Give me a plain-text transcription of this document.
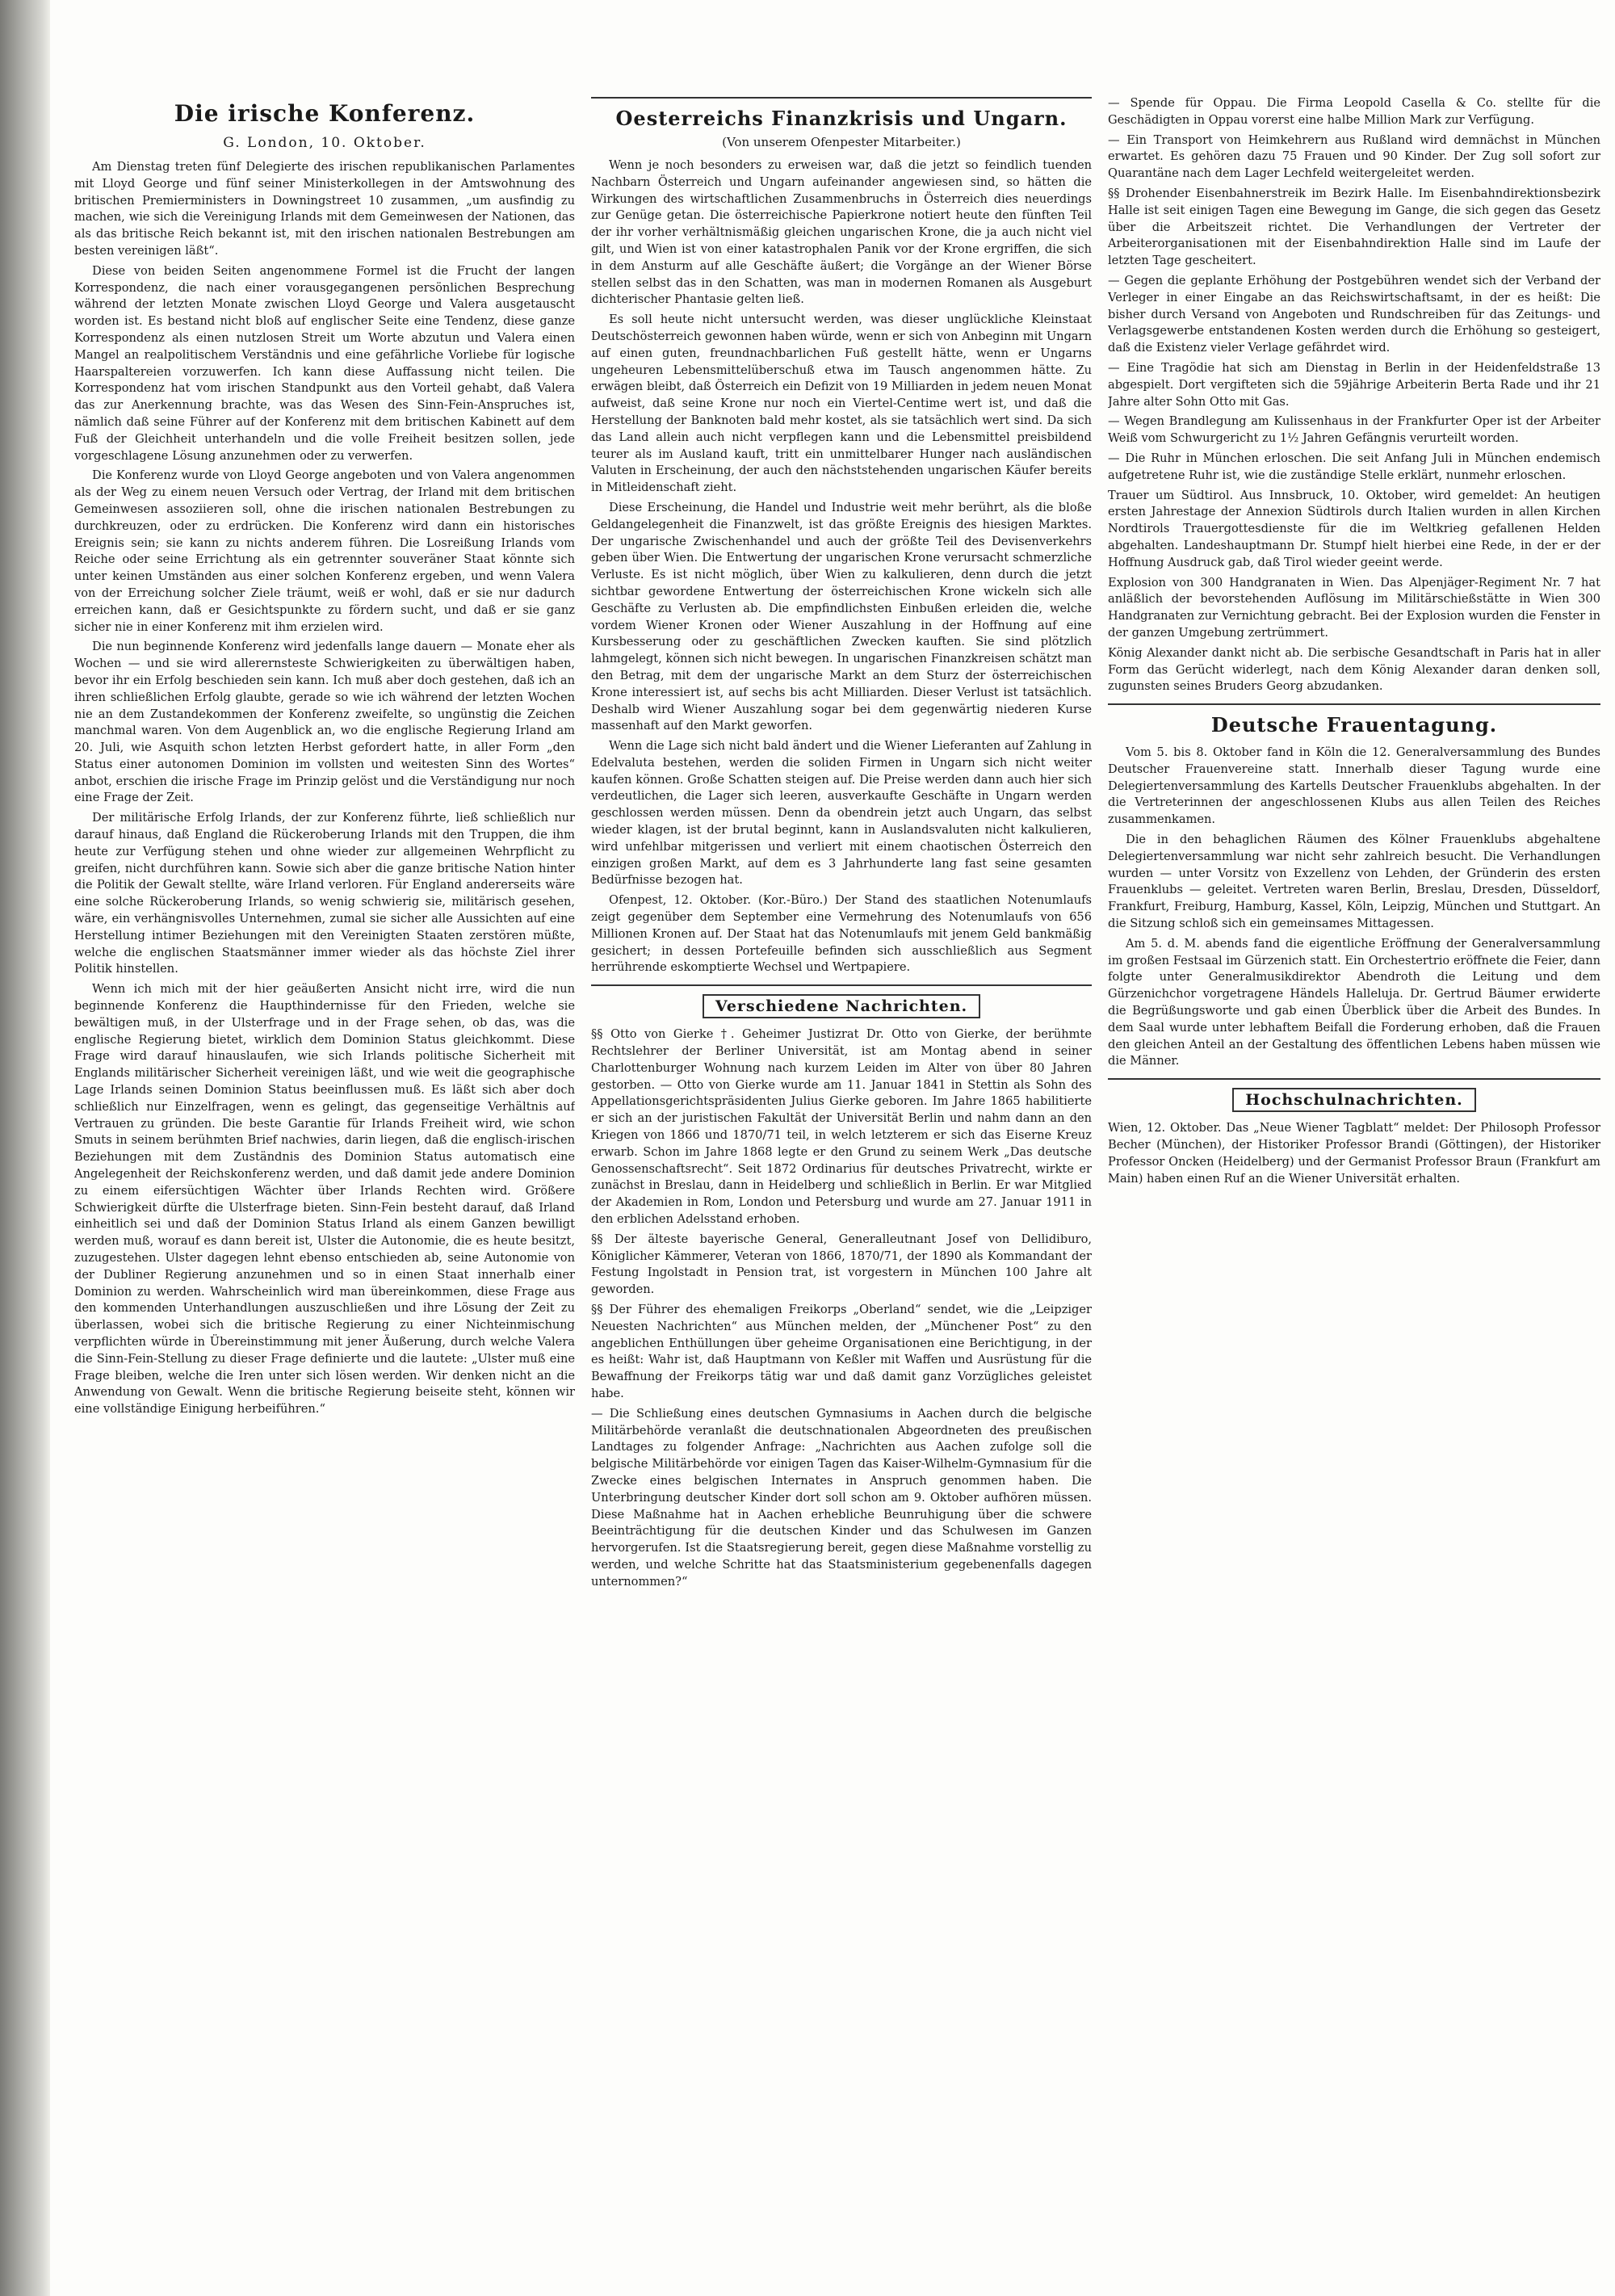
Die irische Konferenz.
G. London, 10. Oktober.

Am Dienstag treten fünf Delegierte des irischen republikanischen Parlamentes mit Lloyd George und fünf seiner Ministerkollegen in der Amtswohnung des britischen Premierministers in Downingstreet 10 zusammen, „um ausfindig zu machen, wie sich die Vereinigung Irlands mit dem Gemeinwesen der Nationen, das als das britische Reich bekannt ist, mit den irischen nationalen Bestrebungen am besten vereinigen läßt“.

Diese von beiden Seiten angenommene Formel ist die Frucht der langen Korrespondenz, die nach einer vorausgegangenen persönlichen Besprechung während der letzten Monate zwischen Lloyd George und Valera ausgetauscht worden ist. Es bestand nicht bloß auf englischer Seite eine Tendenz, diese ganze Korrespondenz als einen nutzlosen Streit um Worte abzutun und Valera einen Mangel an realpolitischem Verständnis und eine gefährliche Vorliebe für logische Haarspaltereien vorzuwerfen. Ich kann diese Auffassung nicht teilen. Die Korrespondenz hat vom irischen Standpunkt aus den Vorteil gehabt, daß Valera das zur Anerkennung brachte, was das Wesen des Sinn-Fein-Anspruches ist, nämlich daß seine Führer auf der Konferenz mit dem britischen Kabinett auf dem Fuß der Gleichheit unterhandeln und die volle Freiheit besitzen sollen, jede vorgeschlagene Lösung anzunehmen oder zu verwerfen.

Die Konferenz wurde von Lloyd George angeboten und von Valera angenommen als der Weg zu einem neuen Versuch oder Vertrag, der Irland mit dem britischen Gemeinwesen assoziieren soll, ohne die irischen nationalen Bestrebungen zu durchkreuzen, oder zu erdrücken. Die Konferenz wird dann ein historisches Ereignis sein; sie kann zu nichts anderem führen. Die Losreißung Irlands vom Reiche oder seine Errichtung als ein getrennter souveräner Staat könnte sich unter keinen Umständen aus einer solchen Konferenz ergeben, und wenn Valera von der Erreichung solcher Ziele träumt, weiß er wohl, daß er sie nur dadurch erreichen kann, daß er Gesichtspunkte zu fördern sucht, und daß er sie ganz sicher nie in einer Konferenz mit ihm erzielen wird.

Die nun beginnende Konferenz wird jedenfalls lange dauern — Monate eher als Wochen — und sie wird allerernsteste Schwierigkeiten zu überwältigen haben, bevor ihr ein Erfolg beschieden sein kann. Ich muß aber doch gestehen, daß ich an ihren schließlichen Erfolg glaubte, gerade so wie ich während der letzten Wochen nie an dem Zustandekommen der Konferenz zweifelte, so ungünstig die Zeichen manchmal waren. Von dem Augenblick an, wo die englische Regierung Irland am 20. Juli, wie Asquith schon letzten Herbst gefordert hatte, in aller Form „den Status einer autonomen Dominion im vollsten und weitesten Sinn des Wortes“ anbot, erschien die irische Frage im Prinzip gelöst und die Verständigung nur noch eine Frage der Zeit.

Der militärische Erfolg Irlands, der zur Konferenz führte, ließ schließlich nur darauf hinaus, daß England die Rückeroberung Irlands mit den Truppen, die ihm heute zur Verfügung stehen und ohne wieder zur allgemeinen Wehrpflicht zu greifen, nicht durchführen kann. Sowie sich aber die ganze britische Nation hinter die Politik der Gewalt stellte, wäre Irland verloren. Für England andererseits wäre eine solche Rückeroberung Irlands, so wenig schwierig sie, militärisch gesehen, wäre, ein verhängnisvolles Unternehmen, zumal sie sicher alle Aussichten auf eine Herstellung intimer Beziehungen mit den Vereinigten Staaten zerstören müßte, welche die englischen Staatsmänner immer wieder als das höchste Ziel ihrer Politik hinstellen.

Wenn ich mich mit der hier geäußerten Ansicht nicht irre, wird die nun beginnende Konferenz die Haupthindernisse für den Frieden, welche sie bewältigen muß, in der Ulsterfrage und in der Frage sehen, ob das, was die englische Regierung bietet, wirklich dem Dominion Status gleichkommt. Diese Frage wird darauf hinauslaufen, wie sich Irlands politische Sicherheit mit Englands militärischer Sicherheit vereinigen läßt, und wie weit die geographische Lage Irlands seinen Dominion Status beeinflussen muß. Es läßt sich aber doch schließlich nur Einzelfragen, wenn es gelingt, das gegenseitige Verhältnis auf Vertrauen zu gründen. Die beste Garantie für Irlands Freiheit wird, wie schon Smuts in seinem berühmten Brief nachwies, darin liegen, daß die englisch-irischen Beziehungen mit dem Zuständnis des Dominion Status automatisch eine Angelegenheit der Reichskonferenz werden, und daß damit jede andere Dominion zu einem eifersüchtigen Wächter über Irlands Rechten wird. Größere Schwierigkeit dürfte die Ulsterfrage bieten. Sinn-Fein besteht darauf, daß Irland einheitlich sei und daß der Dominion Status Irland als einem Ganzen bewilligt werden muß, worauf es dann bereit ist, Ulster die Autonomie, die es heute besitzt, zuzugestehen. Ulster dagegen lehnt ebenso entschieden ab, seine Autonomie von der Dubliner Regierung anzunehmen und so in einen Staat innerhalb einer Dominion zu werden. Wahrscheinlich wird man übereinkommen, diese Frage aus den kommenden Unterhandlungen auszuschließen und ihre Lösung der Zeit zu überlassen, wobei sich die britische Regierung zu einer Nichteinmischung verpflichten würde in Übereinstimmung mit jener Äußerung, durch welche Valera die Sinn-Fein-Stellung zu dieser Frage definierte und die lautete: „Ulster muß eine Frage bleiben, welche die Iren unter sich lösen werden. Wir denken nicht an die Anwendung von Gewalt. Wenn die britische Regierung beiseite steht, können wir eine vollständige Einigung herbeiführen.“

Oesterreichs Finanzkrisis und Ungarn.
(Von unserem Ofenpester Mitarbeiter.)

Wenn je noch besonders zu erweisen war, daß die jetzt so feindlich tuenden Nachbarn Österreich und Ungarn aufeinander angewiesen sind, so hätten die Wirkungen des wirtschaftlichen Zusammenbruchs in Österreich dies neuerdings zur Genüge getan. Die österreichische Papierkrone notiert heute den fünften Teil der ihr vorher verhältnismäßig gleichen ungarischen Krone, die ja auch nicht viel gilt, und Wien ist von einer katastrophalen Panik vor der Krone ergriffen, die sich in dem Ansturm auf alle Geschäfte äußert; die Vorgänge an der Wiener Börse stellen selbst das in den Schatten, was man in modernen Romanen als Ausgeburt dichterischer Phantasie gelten ließ.

Es soll heute nicht untersucht werden, was dieser unglückliche Kleinstaat Deutschösterreich gewonnen haben würde, wenn er sich von Anbeginn mit Ungarn auf einen guten, freundnachbarlichen Fuß gestellt hätte, wenn er Ungarns ungeheuren Lebensmittelüberschuß etwa im Tausch angenommen hätte. Zu erwägen bleibt, daß Österreich ein Defizit von 19 Milliarden in jedem neuen Monat aufweist, daß seine Krone nur noch ein Viertel-Centime wert ist, und daß die Herstellung der Banknoten bald mehr kostet, als sie tatsächlich wert sind. Da sich das Land allein auch nicht verpflegen kann und die Lebensmittel preisbildend teurer als im Ausland kauft, tritt ein unmittelbarer Hunger nach ausländischen Valuten in Erscheinung, der auch den nächststehenden ungarischen Käufer bereits in Mitleidenschaft zieht.

Diese Erscheinung, die Handel und Industrie weit mehr berührt, als die bloße Geldangelegenheit die Finanzwelt, ist das größte Ereignis des hiesigen Marktes. Der ungarische Zwischenhandel und auch der größte Teil des Devisenverkehrs geben über Wien. Die Entwertung der ungarischen Krone verursacht schmerzliche Verluste. Es ist nicht möglich, über Wien zu kalkulieren, denn durch die jetzt sichtbar gewordene Entwertung der österreichischen Krone wickeln sich alle Geschäfte zu Verlusten ab. Die empfindlichsten Einbußen erleiden die, welche vordem Wiener Kronen oder Wiener Auszahlung in der Hoffnung auf eine Kursbesserung oder zu geschäftlichen Zwecken kauften. Sie sind plötzlich lahmgelegt, können sich nicht bewegen. In ungarischen Finanzkreisen schätzt man den Betrag, mit dem der ungarische Markt an dem Sturz der österreichischen Krone interessiert ist, auf sechs bis acht Milliarden. Dieser Verlust ist tatsächlich. Deshalb wird Wiener Auszahlung sogar bei dem gegenwärtig niederen Kurse massenhaft auf den Markt geworfen.

Wenn die Lage sich nicht bald ändert und die Wiener Lieferanten auf Zahlung in Edelvaluta bestehen, werden die soliden Firmen in Ungarn sich nicht weiter kaufen können. Große Schatten steigen auf. Die Preise werden dann auch hier sich verdeutlichen, die Lager sich leeren, ausverkaufte Geschäfte in Ungarn werden geschlossen werden müssen. Denn da obendrein jetzt auch Ungarn, das selbst wieder klagen, ist der brutal beginnt, kann in Auslandsvaluten nicht kalkulieren, wird unfehlbar mitgerissen und verliert mit einem chaotischen Österreich den einzigen großen Markt, auf dem es 3 Jahrhunderte lang fast seine gesamten Bedürfnisse bezogen hat.

Ofenpest, 12. Oktober. (Kor.-Büro.) Der Stand des staatlichen Notenumlaufs zeigt gegenüber dem September eine Vermehrung des Notenumlaufs von 656 Millionen Kronen auf. Der Staat hat das Notenumlaufs mit jenem Geld bankmäßig gesichert; in dessen Portefeuille befinden sich ausschließlich aus Segment herrührende eskomptierte Wechsel und Wertpapiere.

Verschiedene Nachrichten.

§§ Otto von Gierke †. Geheimer Justizrat Dr. Otto von Gierke, der berühmte Rechtslehrer der Berliner Universität, ist am Montag abend in seiner Charlottenburger Wohnung nach kurzem Leiden im Alter von über 80 Jahren gestorben. — Otto von Gierke wurde am 11. Januar 1841 in Stettin als Sohn des Appellationsgerichtspräsidenten Julius Gierke geboren. Im Jahre 1865 habilitierte er sich an der juristischen Fakultät der Universität Berlin und nahm dann an den Kriegen von 1866 und 1870/71 teil, in welch letzterem er sich das Eiserne Kreuz erwarb. Schon im Jahre 1868 legte er den Grund zu seinem Werk „Das deutsche Genossenschaftsrecht“. Seit 1872 Ordinarius für deutsches Privatrecht, wirkte er zunächst in Breslau, dann in Heidelberg und schließlich in Berlin. Er war Mitglied der Akademien in Rom, London und Petersburg und wurde am 27. Januar 1911 in den erblichen Adelsstand erhoben.

§§ Der älteste bayerische General, Generalleutnant Josef von Dellidiburo, Königlicher Kämmerer, Veteran von 1866, 1870/71, der 1890 als Kommandant der Festung Ingolstadt in Pension trat, ist vorgestern in München 100 Jahre alt geworden.

§§ Der Führer des ehemaligen Freikorps „Oberland“ sendet, wie die „Leipziger Neuesten Nachrichten“ aus München melden, der „Münchener Post“ zu den angeblichen Enthüllungen über geheime Organisationen eine Berichtigung, in der es heißt: Wahr ist, daß Hauptmann von Keßler mit Waffen und Ausrüstung für die Bewaffnung der Freikorps tätig war und daß damit ganz Vorzügliches geleistet habe.

— Die Schließung eines deutschen Gymnasiums in Aachen durch die belgische Militärbehörde veranlaßt die deutschnationalen Abgeordneten des preußischen Landtages zu folgender Anfrage: „Nachrichten aus Aachen zufolge soll die belgische Militärbehörde vor einigen Tagen das Kaiser-Wilhelm-Gymnasium für die Zwecke eines belgischen Internates in Anspruch genommen haben. Die Unterbringung deutscher Kinder dort soll schon am 9. Oktober aufhören müssen. Diese Maßnahme hat in Aachen erhebliche Beunruhigung über die schwere Beeinträchtigung für die deutschen Kinder und das Schulwesen im Ganzen hervorgerufen. Ist die Staatsregierung bereit, gegen diese Maßnahme vorstellig zu werden, und welche Schritte hat das Staatsministerium gegebenenfalls dagegen unternommen?“

— Spende für Oppau. Die Firma Leopold Casella & Co. stellte für die Geschädigten in Oppau vorerst eine halbe Million Mark zur Verfügung.

— Ein Transport von Heimkehrern aus Rußland wird demnächst in München erwartet. Es gehören dazu 75 Frauen und 90 Kinder. Der Zug soll sofort zur Quarantäne nach dem Lager Lechfeld weitergeleitet werden.

§§ Drohender Eisenbahnerstreik im Bezirk Halle. Im Eisenbahndirektionsbezirk Halle ist seit einigen Tagen eine Bewegung im Gange, die sich gegen das Gesetz über die Arbeitszeit richtet. Die Verhandlungen der Vertreter der Arbeiterorganisationen mit der Eisenbahndirektion Halle sind im Laufe der letzten Tage gescheitert.

— Gegen die geplante Erhöhung der Postgebühren wendet sich der Verband der Verleger in einer Eingabe an das Reichswirtschaftsamt, in der es heißt: Die bisher durch Versand von Angeboten und Rundschreiben für das Zeitungs- und Verlagsgewerbe entstandenen Kosten werden durch die Erhöhung so gesteigert, daß die Existenz vieler Verlage gefährdet wird.

— Eine Tragödie hat sich am Dienstag in Berlin in der Heidenfeldstraße 13 abgespielt. Dort vergifteten sich die 59jährige Arbeiterin Berta Rade und ihr 21 Jahre alter Sohn Otto mit Gas.

— Wegen Brandlegung am Kulissenhaus in der Frankfurter Oper ist der Arbeiter Weiß vom Schwurgericht zu 1½ Jahren Gefängnis verurteilt worden.

— Die Ruhr in München erloschen. Die seit Anfang Juli in München endemisch aufgetretene Ruhr ist, wie die zuständige Stelle erklärt, nunmehr erloschen.

Trauer um Südtirol. Aus Innsbruck, 10. Oktober, wird gemeldet: An heutigen ersten Jahrestage der Annexion Südtirols durch Italien wurden in allen Kirchen Nordtirols Trauergottesdienste für die im Weltkrieg gefallenen Helden abgehalten. Landeshauptmann Dr. Stumpf hielt hierbei eine Rede, in der er der Hoffnung Ausdruck gab, daß Tirol wieder geeint werde.

Explosion von 300 Handgranaten in Wien. Das Alpenjäger-Regiment Nr. 7 hat anläßlich der bevorstehenden Auflösung im Militärschießstätte in Wien 300 Handgranaten zur Vernichtung gebracht. Bei der Explosion wurden die Fenster in der ganzen Umgebung zertrümmert.

König Alexander dankt nicht ab. Die serbische Gesandtschaft in Paris hat in aller Form das Gerücht widerlegt, nach dem König Alexander daran denken soll, zugunsten seines Bruders Georg abzudanken.

Deutsche Frauentagung.

Vom 5. bis 8. Oktober fand in Köln die 12. Generalversammlung des Bundes Deutscher Frauenvereine statt. Innerhalb dieser Tagung wurde eine Delegiertenversammlung des Kartells Deutscher Frauenklubs abgehalten. In der die Vertreterinnen der angeschlossenen Klubs aus allen Teilen des Reiches zusammenkamen.

Die in den behaglichen Räumen des Kölner Frauenklubs abgehaltene Delegiertenversammlung war nicht sehr zahlreich besucht. Die Verhandlungen wurden — unter Vorsitz von Exzellenz von Lehden, der Gründerin des ersten Frauenklubs — geleitet. Vertreten waren Berlin, Breslau, Dresden, Düsseldorf, Frankfurt, Freiburg, Hamburg, Kassel, Köln, Leipzig, München und Stuttgart. An die Sitzung schloß sich ein gemeinsames Mittagessen.

Am 5. d. M. abends fand die eigentliche Eröffnung der Generalversammlung im großen Festsaal im Gürzenich statt. Ein Orchestertrio eröffnete die Feier, dann folgte unter Generalmusikdirektor Abendroth die Leitung und dem Gürzenichchor vorgetragene Händels Halleluja. Dr. Gertrud Bäumer erwiderte die Begrüßungsworte und gab einen Überblick über die Arbeit des Bundes. In dem Saal wurde unter lebhaftem Beifall die Forderung erhoben, daß die Frauen den gleichen Anteil an der Gestaltung des öffentlichen Lebens haben müssen wie die Männer.

Hochschulnachrichten.

Wien, 12. Oktober. Das „Neue Wiener Tagblatt“ meldet: Der Philosoph Professor Becher (München), der Historiker Professor Brandi (Göttingen), der Historiker Professor Oncken (Heidelberg) und der Germanist Professor Braun (Frankfurt am Main) haben einen Ruf an die Wiener Universität erhalten.
